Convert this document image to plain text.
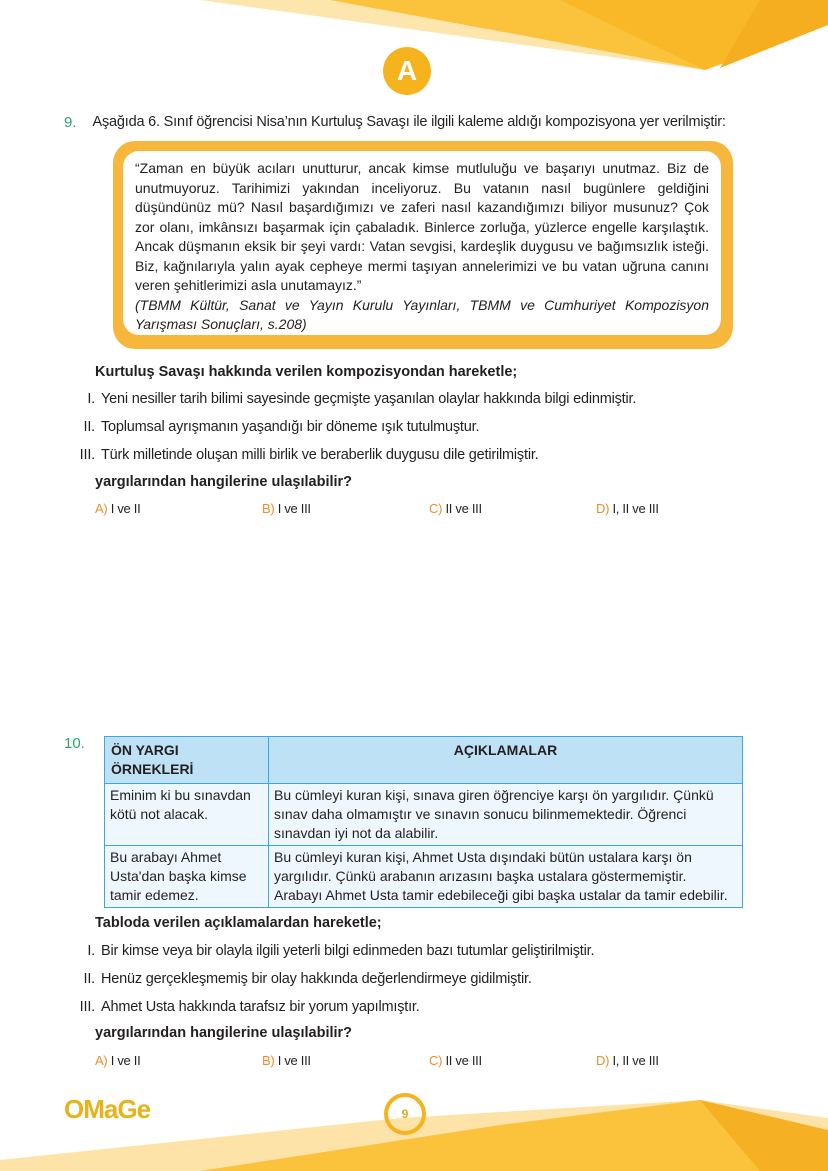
A
9. Aşağıda 6. Sınıf öğrencisi Nisa’nın Kurtuluş Savaşı ile ilgili kaleme aldığı kompozisyona yer verilmiştir:
“Zaman en büyük acıları unutturur, ancak kimse mutluluğu ve başarıyı unutmaz. Biz de unutmuyoruz. Tarihimizi yakından inceliyoruz. Bu vatanın nasıl bugünlere geldiğini düşündünüz mü? Nasıl başardığımızı ve zaferi nasıl kazandığımızı biliyor musunuz? Çok zor olanı, imkânsızı başarmak için çabaladık. Binlerce zorluğa, yüzlerce engelle karşılaştık. Ancak düşmanın eksik bir şeyi vardı: Vatan sevgisi, kardeşlik duygusu ve bağımsızlık isteği. Biz, kağnılarıyla yalın ayak cepheye mermi taşıyan annelerimizi ve bu vatan uğruna canını veren şehitlerimizi asla unutamayız.”
(TBMM Kültür, Sanat ve Yayın Kurulu Yayınları, TBMM ve Cumhuriyet Kompozisyon Yarışması Sonuçları, s.208)
Kurtuluş Savaşı hakkında verilen kompozisyondan hareketle;
I. Yeni nesiller tarih bilimi sayesinde geçmişte yaşanılan olaylar hakkında bilgi edinmiştir.
II. Toplumsal ayrışmanın yaşandığı bir döneme ışık tutulmuştur.
III. Türk milletinde oluşan milli birlik ve beraberlik duygusu dile getirilmiştir.
yargılarından hangilerine ulaşılabilir?
A) I ve II	B) I ve III	C) II ve III	D) I, II ve III
10. ÖN YARGI ÖRNEKLERİ	AÇIKLAMALAR
Eminim ki bu sınavdan kötü not alacak.	Bu cümleyi kuran kişi, sınava giren öğrenciye karşı ön yargılıdır. Çünkü sınav daha olmamıştır ve sınavın sonucu bilinmemektedir. Öğrenci sınavdan iyi not da alabilir.
Bu arabayı Ahmet Usta'dan başka kimse tamir edemez.	Bu cümleyi kuran kişi, Ahmet Usta dışındaki bütün ustalara karşı ön yargılıdır. Çünkü arabanın arızasını başka ustalara göstermemiştir. Arabayı Ahmet Usta tamir edebileceği gibi başka ustalar da tamir edebilir.
Tabloda verilen açıklamalardan hareketle;
I. Bir kimse veya bir olayla ilgili yeterli bilgi edinmeden bazı tutumlar geliştirilmiştir.
II. Henüz gerçekleşmemiş bir olay hakkında değerlendirmeye gidilmiştir.
III. Ahmet Usta hakkında tarafsız bir yorum yapılmıştır.
yargılarından hangilerine ulaşılabilir?
A) I ve II	B) I ve III	C) II ve III	D) I, II ve III
OMaGe	9
